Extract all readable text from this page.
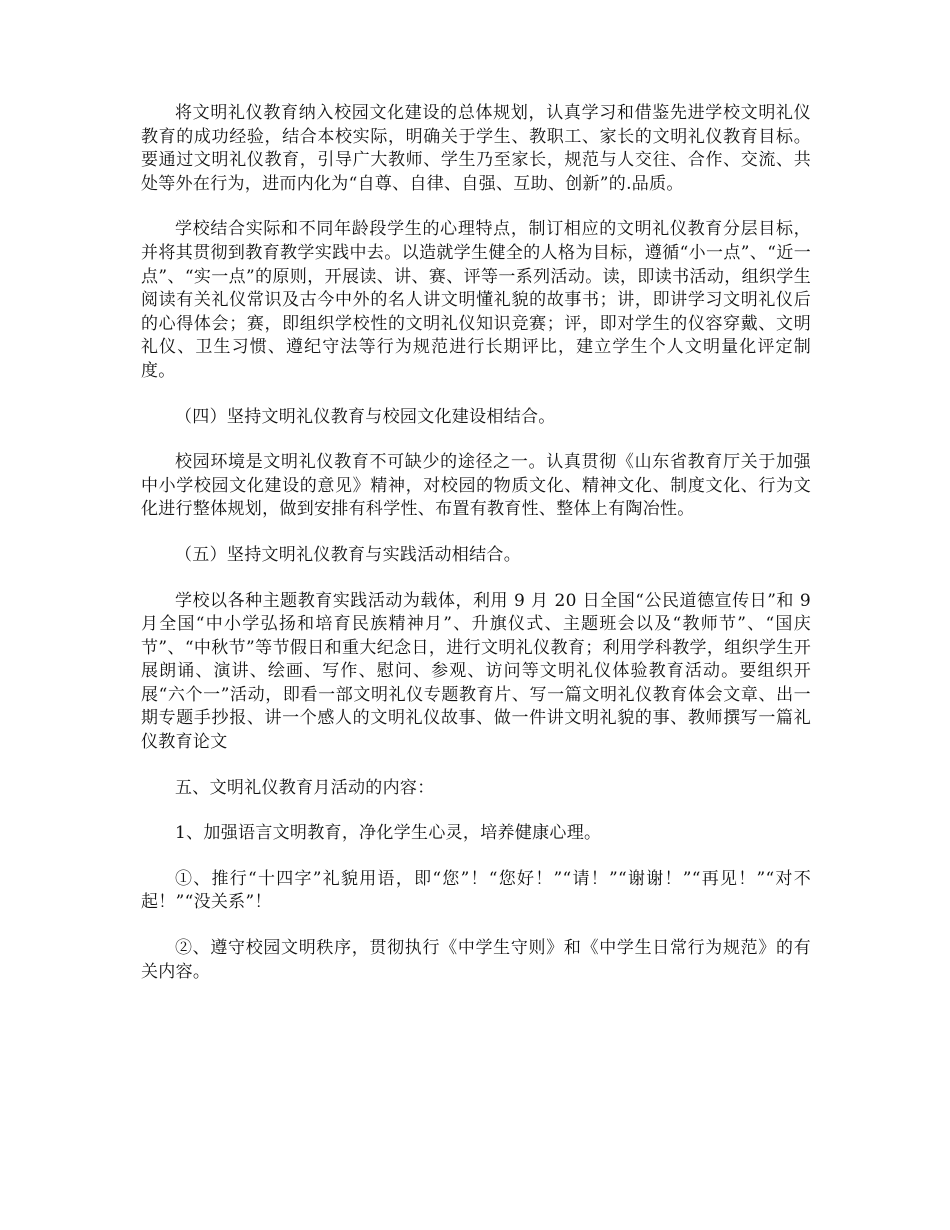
将文明礼仪教育纳入校园文化建设的总体规划，认真学习和借鉴先进学校文明礼仪教育的成功经验，结合本校实际，明确关于学生、教职工、家长的文明礼仪教育目标。要通过文明礼仪教育，引导广大教师、学生乃至家长，规范与人交往、合作、交流、共处等外在行为，进而内化为“自尊、自律、自强、互助、创新”的.品质。

学校结合实际和不同年龄段学生的心理特点，制订相应的文明礼仪教育分层目标，并将其贯彻到教育教学实践中去。以造就学生健全的人格为目标，遵循“小一点”、“近一点”、“实一点”的原则，开展读、讲、赛、评等一系列活动。读，即读书活动，组织学生阅读有关礼仪常识及古今中外的名人讲文明懂礼貌的故事书；讲，即讲学习文明礼仪后的心得体会；赛，即组织学校性的文明礼仪知识竞赛；评，即对学生的仪容穿戴、文明礼仪、卫生习惯、遵纪守法等行为规范进行长期评比，建立学生个人文明量化评定制度。

（四）坚持文明礼仪教育与校园文化建设相结合。

校园环境是文明礼仪教育不可缺少的途径之一。认真贯彻《山东省教育厅关于加强中小学校园文化建设的意见》精神，对校园的物质文化、精神文化、制度文化、行为文化进行整体规划，做到安排有科学性、布置有教育性、整体上有陶冶性。

（五）坚持文明礼仪教育与实践活动相结合。

学校以各种主题教育实践活动为载体，利用 9 月 20 日全国“公民道德宣传日”和 9 月全国“中小学弘扬和培育民族精神月”、升旗仪式、主题班会以及“教师节”、“国庆节”、“中秋节”等节假日和重大纪念日，进行文明礼仪教育；利用学科教学，组织学生开展朗诵、演讲、绘画、写作、慰问、参观、访问等文明礼仪体验教育活动。要组织开展“六个一”活动，即看一部文明礼仪专题教育片、写一篇文明礼仪教育体会文章、出一期专题手抄报、讲一个感人的文明礼仪故事、做一件讲文明礼貌的事、教师撰写一篇礼仪教育论文

五、文明礼仪教育月活动的内容：

1、加强语言文明教育，净化学生心灵，培养健康心理。

①、推行“十四字”礼貌用语，即“您”！“您好！”“请！”“谢谢！”“再见！”“对不起！”“没关系”！

②、遵守校园文明秩序，贯彻执行《中学生守则》和《中学生日常行为规范》的有关内容。
